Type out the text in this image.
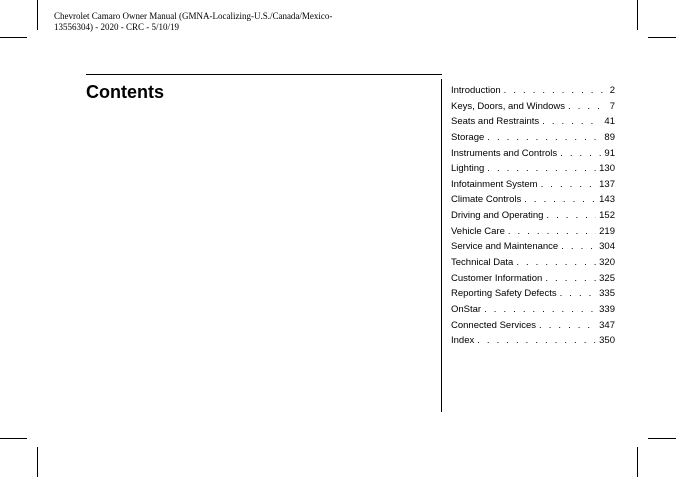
Chevrolet Camaro Owner Manual (GMNA-Localizing-U.S./Canada/Mexico-
13556304) - 2020 - CRC - 5/10/19
Contents	Introduction . . .	2
Keys, Doors, and Windows . . .	7
Seats and Restraints . . .	41
Storage . . .	89
Instruments and Controls . . .	91
Lighting . . .	130
Infotainment System . . .	137
Climate Controls . . .	143
Driving and Operating . . .	152
Vehicle Care . . .	219
Service and Maintenance . . .	304
Technical Data . . .	320
Customer Information . . .	325
Reporting Safety Defects . . .	335
OnStar . . .	339
Connected Services . . .	347
Index . . .	350
